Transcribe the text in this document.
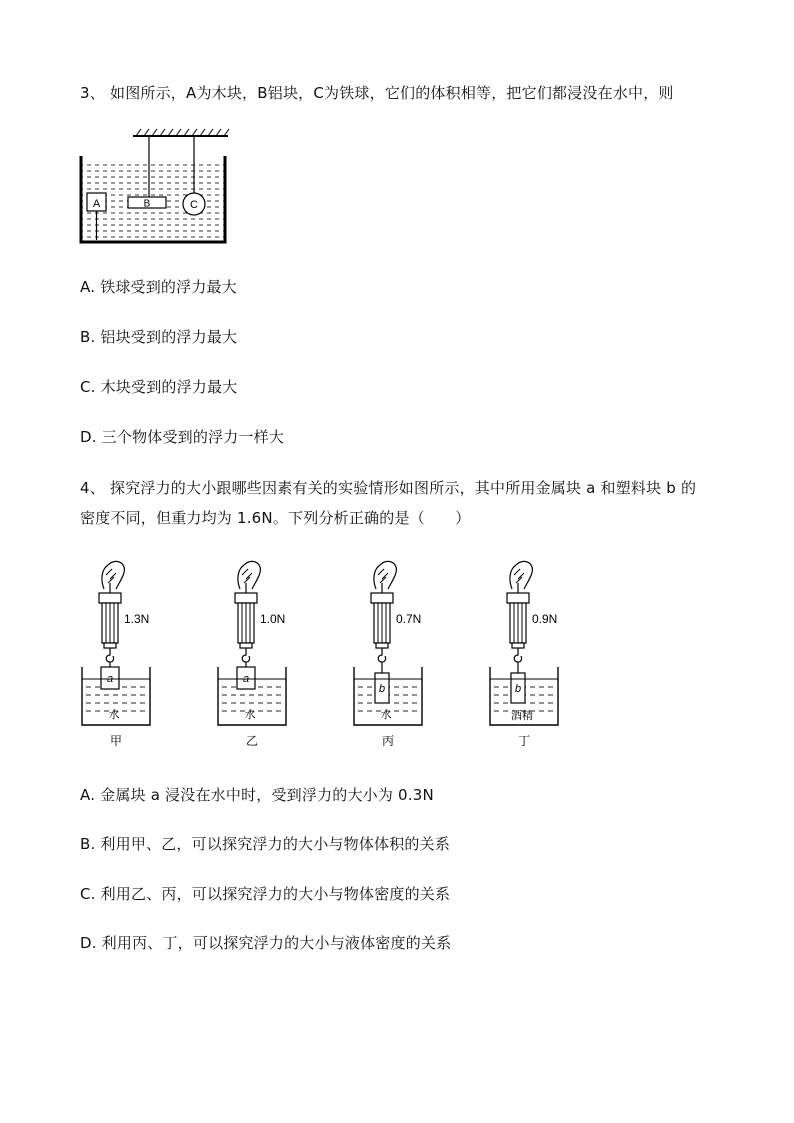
3、 如图所示，A为木块，B铝块，C为铁球，它们的体积相等，把它们都浸没在水中，则
A	B	C
A. 铁球受到的浮力最大
B. 铝块受到的浮力最大
C. 木块受到的浮力最大
D. 三个物体受到的浮力一样大
4、 探究浮力的大小跟哪些因素有关的实验情形如图所示，其中所用金属块 a 和塑料块 b 的
密度不同，但重力均为 1.6N。下列分析正确的是（　　）
1.3N
a
水
甲
1.0N
a
水
乙
0.7N
b
水
丙
0.9N
b
酒精
丁
A. 金属块 a 浸没在水中时，受到浮力的大小为 0.3N
B. 利用甲、乙，可以探究浮力的大小与物体体积的关系
C. 利用乙、丙，可以探究浮力的大小与物体密度的关系
D. 利用丙、丁，可以探究浮力的大小与液体密度的关系
